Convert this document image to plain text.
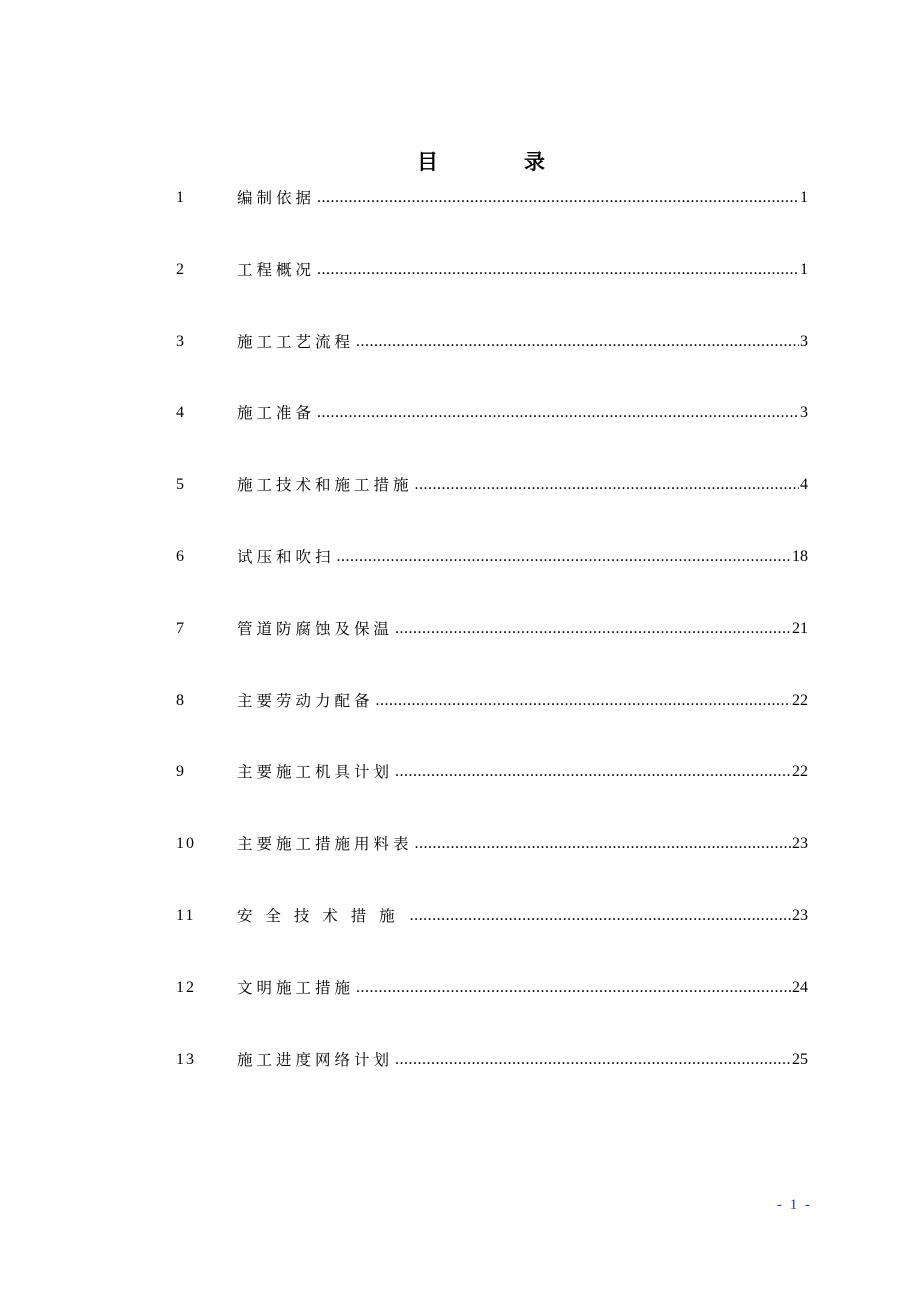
目	录
1	编制依据 .....	1
2	工程概况 .....	1
3	施工工艺流程 .....	3
4	施工准备 .....	3
5	施工技术和施工措施 .....	4
6	试压和吹扫 .....	18
7	管道防腐蚀及保温 .....	21
8	主要劳动力配备 .....	22
9	主要施工机具计划 .....	22
10	主要施工措施用料表 .....	23
11	安 全 技 术 措 施 .....	23
12	文明施工措施 .....	24
13	施工进度网络计划 .....	25
- 1 -
